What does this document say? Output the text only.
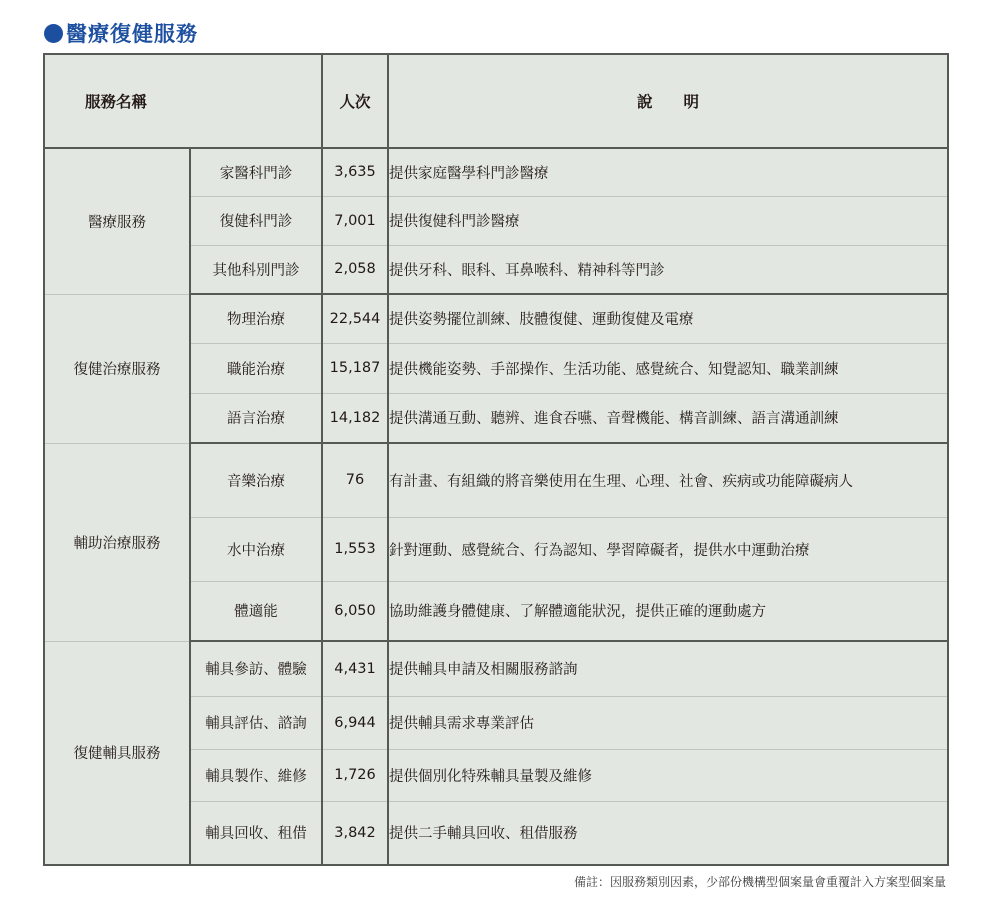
醫療復健服務
服務名稱		人次	說　　明
醫療服務	家醫科門診	3,635	提供家庭醫學科門診醫療
	復健科門診	7,001	提供復健科門診醫療
	其他科別門診	2,058	提供牙科、眼科、耳鼻喉科、精神科等門診
復健治療服務	物理治療	22,544	提供姿勢擺位訓練、肢體復健、運動復健及電療
	職能治療	15,187	提供機能姿勢、手部操作、生活功能、感覺統合、知覺認知、職業訓練
	語言治療	14,182	提供溝通互動、聽辨、進食吞嚥、音聲機能、構音訓練、語言溝通訓練
輔助治療服務	音樂治療	76	有計畫、有組織的將音樂使用在生理、心理、社會、疾病或功能障礙病人
	水中治療	1,553	針對運動、感覺統合、行為認知、學習障礙者，提供水中運動治療
	體適能	6,050	協助維護身體健康、了解體適能狀況，提供正確的運動處方
復健輔具服務	輔具參訪、體驗	4,431	提供輔具申請及相關服務諮詢
	輔具評估、諮詢	6,944	提供輔具需求專業評估
	輔具製作、維修	1,726	提供個別化特殊輔具量製及維修
	輔具回收、租借	3,842	提供二手輔具回收、租借服務
備註：因服務類別因素，少部份機構型個案量會重覆計入方案型個案量
